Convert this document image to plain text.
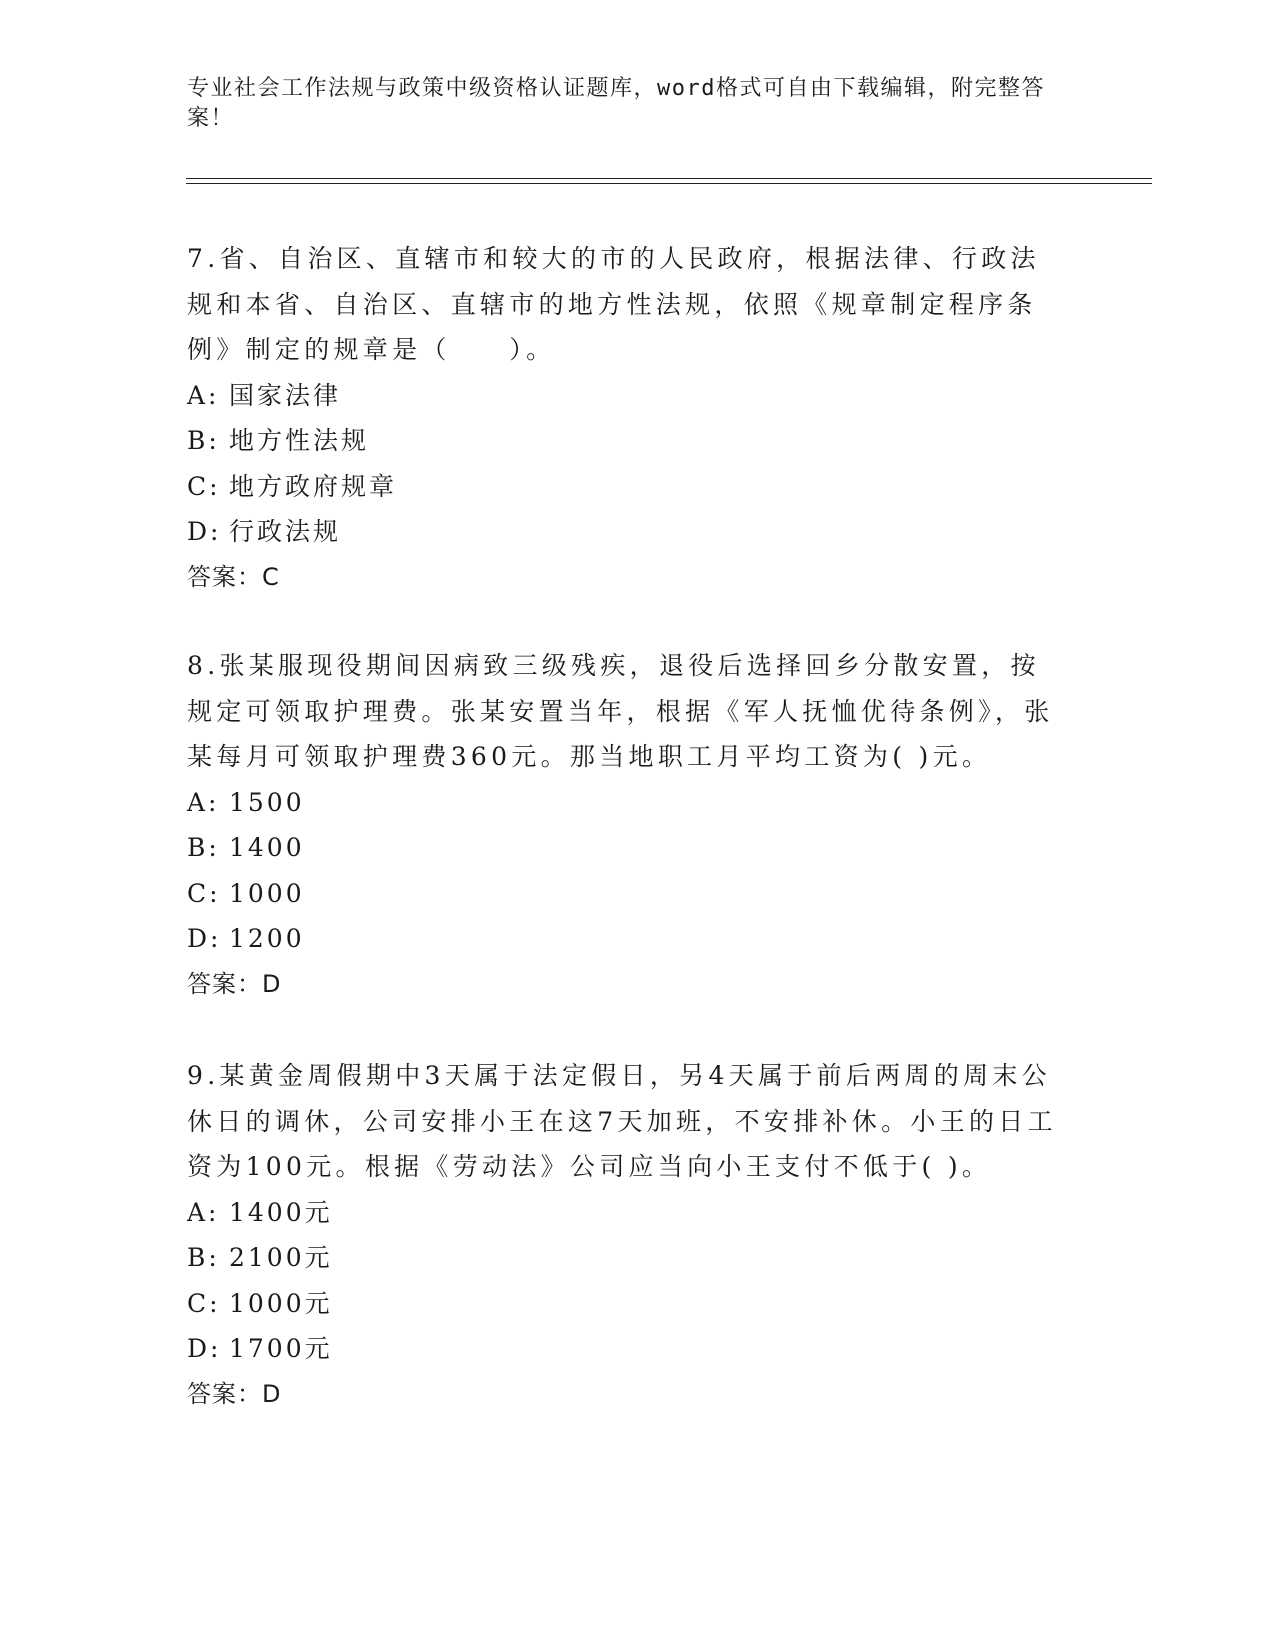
专业社会工作法规与政策中级资格认证题库，word格式可自由下载编辑，附完整答案！

7.省、自治区、直辖市和较大的市的人民政府，根据法律、行政法规和本省、自治区、直辖市的地方性法规，依照《规章制定程序条例》制定的规章是（　　）。

A: 国家法律
B: 地方性法规
C: 地方政府规章
D: 行政法规
答案：C

8.张某服现役期间因病致三级残疾，退役后选择回乡分散安置，按规定可领取护理费。张某安置当年，根据《军人抚恤优待条例》，张某每月可领取护理费360元。那当地职工月平均工资为( )元。

A: 1500
B: 1400
C: 1000
D: 1200
答案：D

9.某黄金周假期中3天属于法定假日，另4天属于前后两周的周末公休日的调休，公司安排小王在这7天加班，不安排补休。小王的日工资为100元。根据《劳动法》公司应当向小王支付不低于( )。

A: 1400元
B: 2100元
C: 1000元
D: 1700元
答案：D
